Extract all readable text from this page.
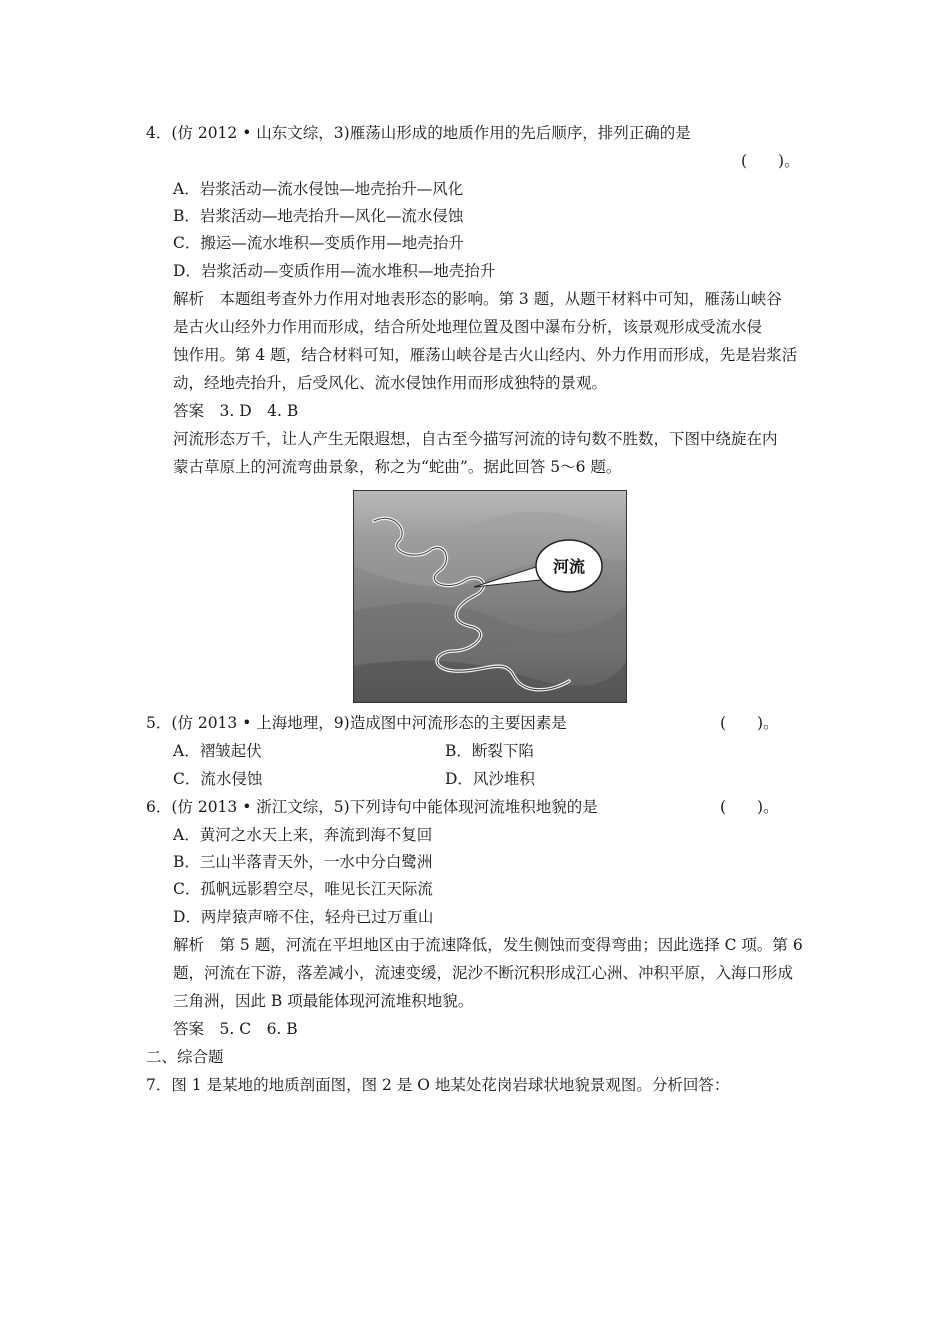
4．(仿 2012 • 山东文综，3)雁荡山形成的地质作用的先后顺序，排列正确的是
(　　)。
A．岩浆活动—流水侵蚀—地壳抬升—风化
B．岩浆活动—地壳抬升—风化—流水侵蚀
C．搬运—流水堆积—变质作用—地壳抬升
D．岩浆活动—变质作用—流水堆积—地壳抬升
解析　本题组考查外力作用对地表形态的影响。第 3 题，从题干材料中可知，雁荡山峡谷
是古火山经外力作用而形成，结合所处地理位置及图中瀑布分析，该景观形成受流水侵
蚀作用。第 4 题，结合材料可知，雁荡山峡谷是古火山经内、外力作用而形成，先是岩浆活
动，经地壳抬升，后受风化、流水侵蚀作用而形成独特的景观。
答案　3. D　4. B
河流形态万千，让人产生无限遐想，自古至今描写河流的诗句数不胜数，下图中绕旋在内
蒙古草原上的河流弯曲景象，称之为“蛇曲”。据此回答 5～6 题。
河流
5．(仿 2013 • 上海地理，9)造成图中河流形态的主要因素是	(　　)。
A．褶皱起伏	B．断裂下陷
C．流水侵蚀	D．风沙堆积
6．(仿 2013 • 浙江文综，5)下列诗句中能体现河流堆积地貌的是	(　　)。
A．黄河之水天上来，奔流到海不复回
B．三山半落青天外，一水中分白鹭洲
C．孤帆远影碧空尽，唯见长江天际流
D．两岸猿声啼不住，轻舟已过万重山
解析　第 5 题，河流在平坦地区由于流速降低，发生侧蚀而变得弯曲；因此选择 C 项。第 6
题，河流在下游，落差减小，流速变缓，泥沙不断沉积形成江心洲、冲积平原，入海口形成
三角洲，因此 B 项最能体现河流堆积地貌。
答案　5. C　6. B
二、综合题
7．图 1 是某地的地质剖面图，图 2 是 O 地某处花岗岩球状地貌景观图。分析回答：
